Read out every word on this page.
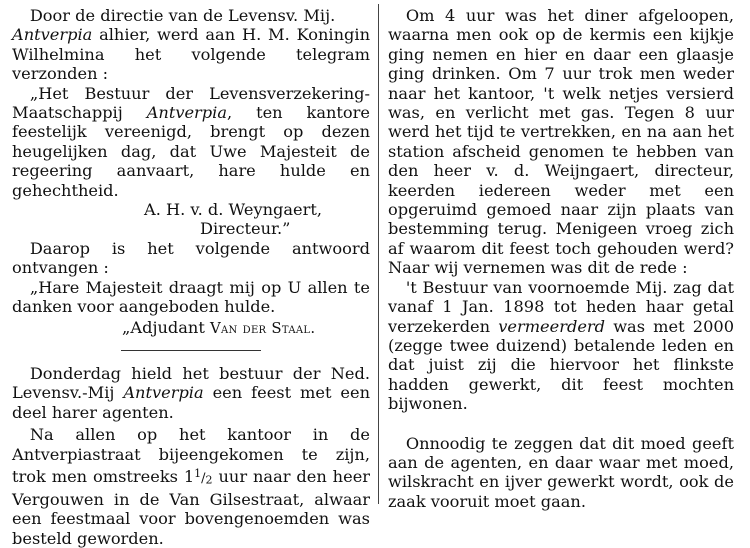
Door de directie van de Levensv. Mij.
Antverpia alhier, werd aan H. M. Koningin Wilhelmina het volgende telegram verzonden :

„Het Bestuur der Levensverzekering-Maatschappij Antverpia, ten kantore feestelijk vereenigd, brengt op dezen heugelijken dag, dat Uwe Majesteit de regeering aanvaart, hare hulde en gehechtheid.

A. H. v. d. Weyngaert,

Directeur.”

Daarop is het volgende antwoord ontvangen :

„Hare Majesteit draagt mij op U allen te danken voor aangeboden hulde.

„Adjudant Van der Staal.

Donderdag hield het bestuur der Ned. Levensv.-Mij Antverpia een feest met een deel harer agenten.

Na allen op het kantoor in de Antverpiastraat bijeengekomen te zijn, trok men omstreeks $1^1/_2$ uur naar den heer Vergouwen in de Van Gilsestraat, alwaar een feestmaal voor bovengenoemden was besteld geworden.

Om 4 uur was het diner afgeloopen, waarna men ook op de kermis een kijkje ging nemen en hier en daar een glaasje ging drinken. Om 7 uur trok men weder naar het kantoor, 't welk netjes versierd was, en verlicht met gas. Tegen 8 uur werd het tijd te vertrekken, en na aan het station afscheid genomen te hebben van den heer v. d. Weijngaert, directeur, keerden iedereen weder met een opgeruimd gemoed naar zijn plaats van bestemming terug. Menigeen vroeg zich af waarom dit feest toch gehouden werd? Naar wij vernemen was dit de rede :

't Bestuur van voornoemde Mij. zag dat vanaf 1 Jan. 1898 tot heden haar getal verzekerden vermeerderd was met 2000 (zegge twee duizend) betalende leden en dat juist zij die hiervoor het flinkste hadden gewerkt, dit feest mochten bijwonen.

Onnoodig te zeggen dat dit moed geeft aan de agenten, en daar waar met moed, wilskracht en ijver gewerkt wordt, ook de zaak vooruit moet gaan.
